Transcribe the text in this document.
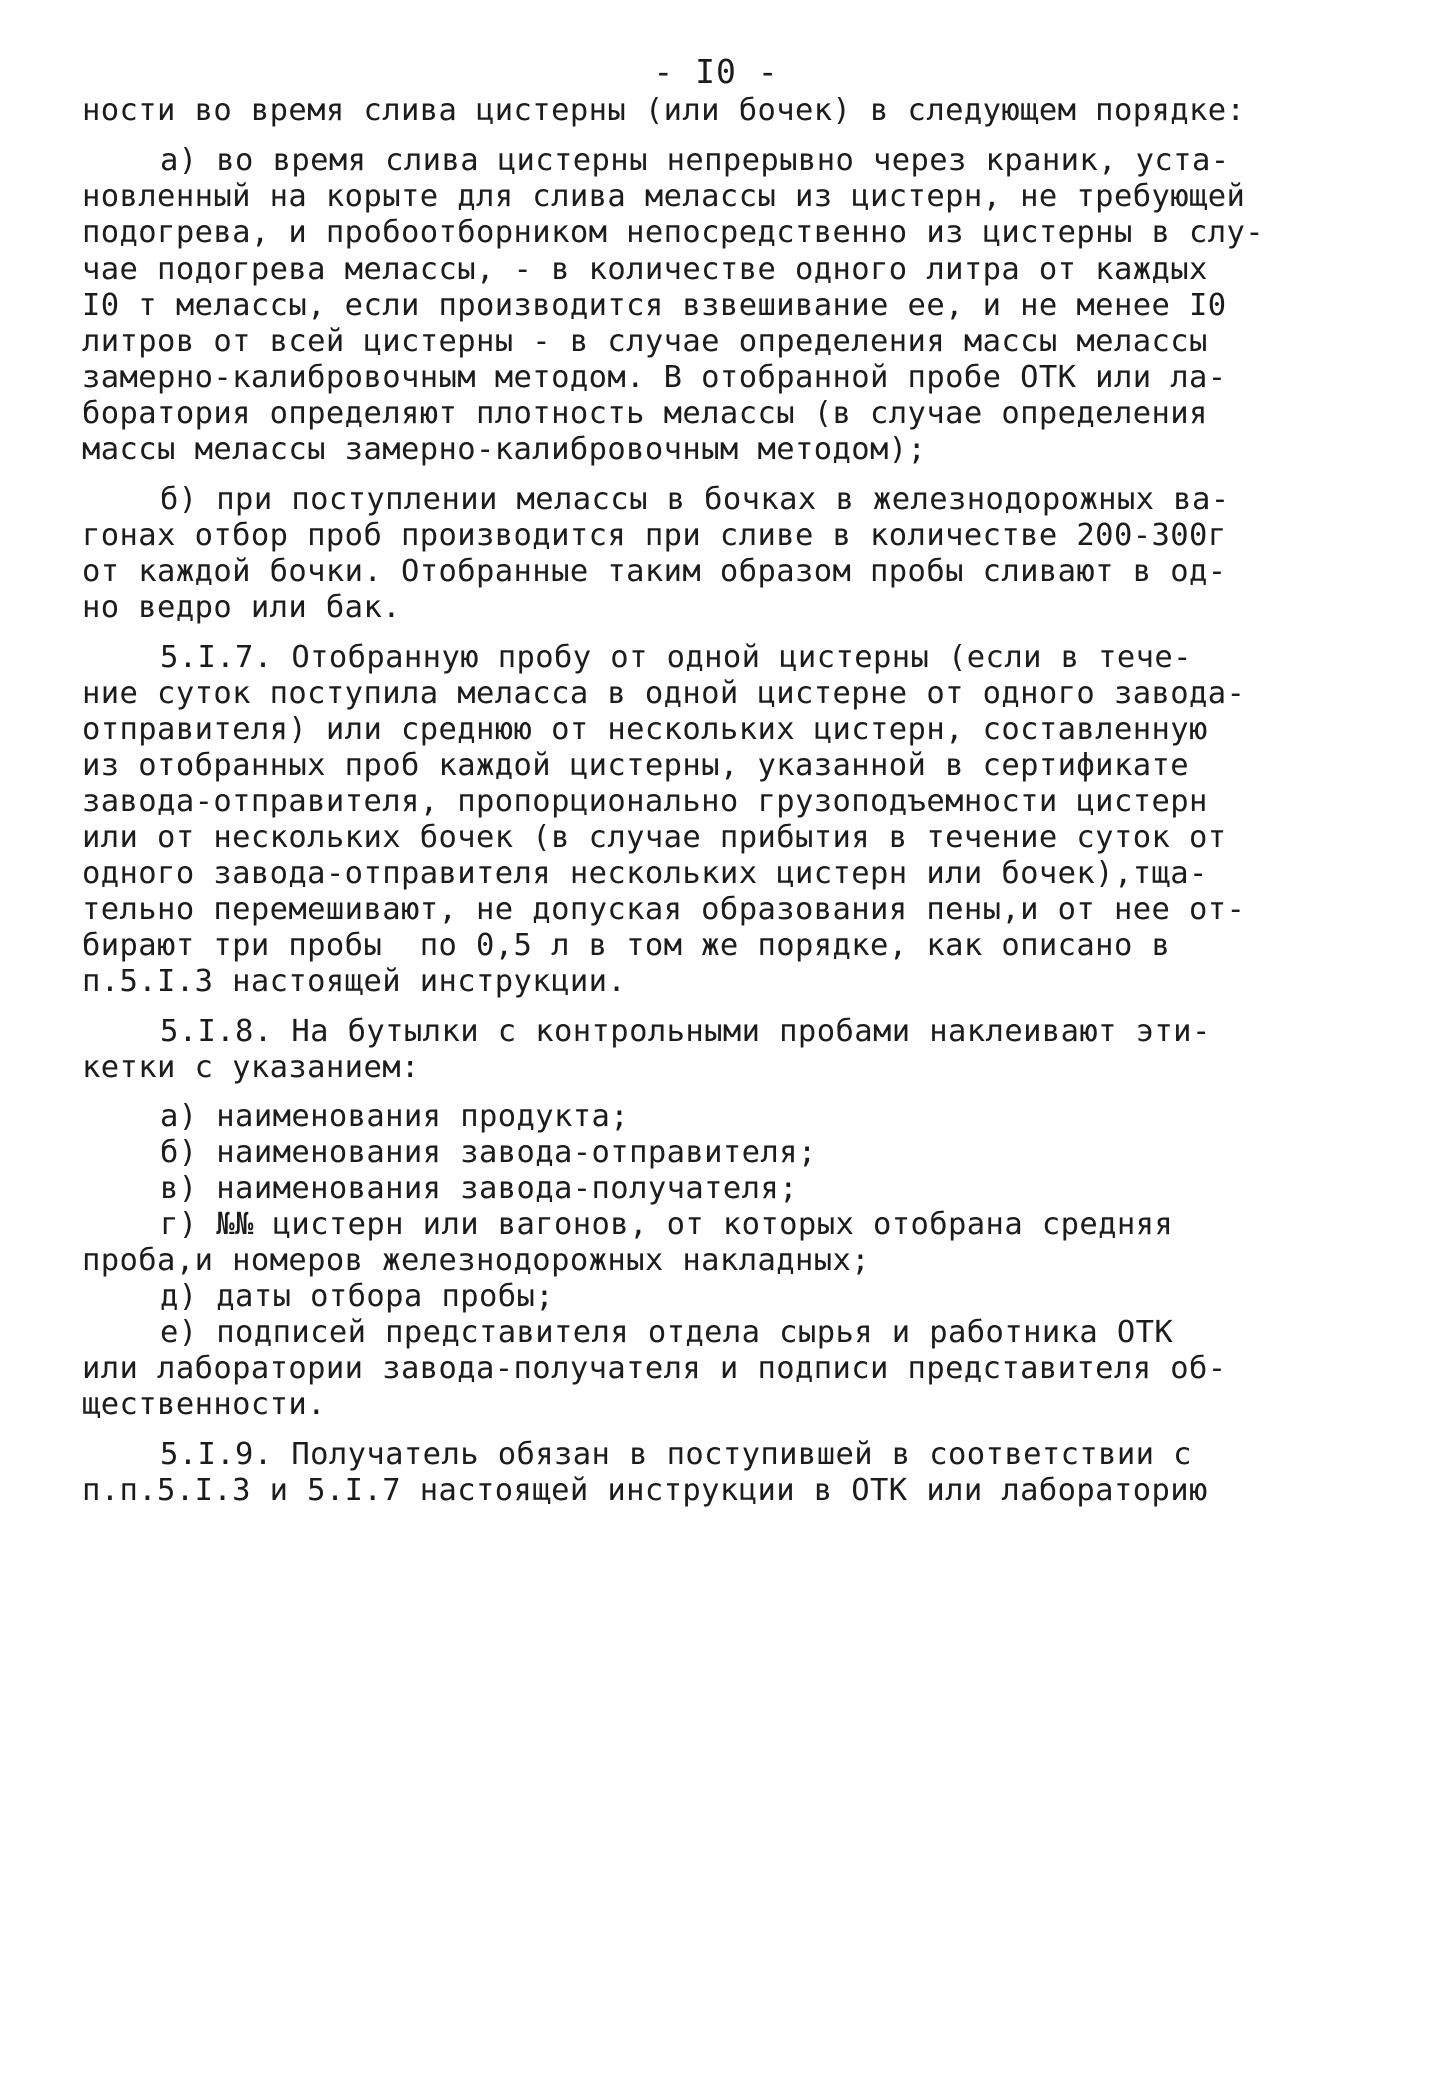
- I0 -
ности во время слива цистерны (или бочек) в следующем порядке:
а) во время слива цистерны непрерывно через краник, уста-
новленный на корыте для слива мелассы из цистерн, не требующей
подогрева, и пробоотборником непосредственно из цистерны в слу-
чае подогрева мелассы, - в количестве одного литра от каждых
I0 т мелассы, если производится взвешивание ее, и не менее I0
литров от всей цистерны - в случае определения массы мелассы
замерно-калибровочным методом. В отобранной пробе ОТК или ла-
боратория определяют плотность мелассы (в случае определения
массы мелассы замерно-калибровочным методом);
б) при поступлении мелассы в бочках в железнодорожных ва-
гонах отбор проб производится при сливе в количестве 200-300г
от каждой бочки. Отобранные таким образом пробы сливают в од-
но ведро или бак.
5.I.7. Отобранную пробу от одной цистерны (если в тече-
ние суток поступила меласса в одной цистерне от одного завода-
отправителя) или среднюю от нескольких цистерн, составленную
из отобранных проб каждой цистерны, указанной в сертификате
завода-отправителя, пропорционально грузоподъемности цистерн
или от нескольких бочек (в случае прибытия в течение суток от
одного завода-отправителя нескольких цистерн или бочек),тща-
тельно перемешивают, не допуская образования пены,и от нее от-
бирают три пробы  по 0,5 л в том же порядке, как описано в
п.5.I.3 настоящей инструкции.
5.I.8. На бутылки с контрольными пробами наклеивают эти-
кетки с указанием:
а) наименования продукта;
б) наименования завода-отправителя;
в) наименования завода-получателя;
г) №№ цистерн или вагонов, от которых отобрана средняя
проба,и номеров железнодорожных накладных;
д) даты отбора пробы;
е) подписей представителя отдела сырья и работника ОТК
или лаборатории завода-получателя и подписи представителя об-
щественности.
5.I.9. Получатель обязан в поступившей в соответствии с
п.п.5.I.3 и 5.I.7 настоящей инструкции в ОТК или лабораторию
